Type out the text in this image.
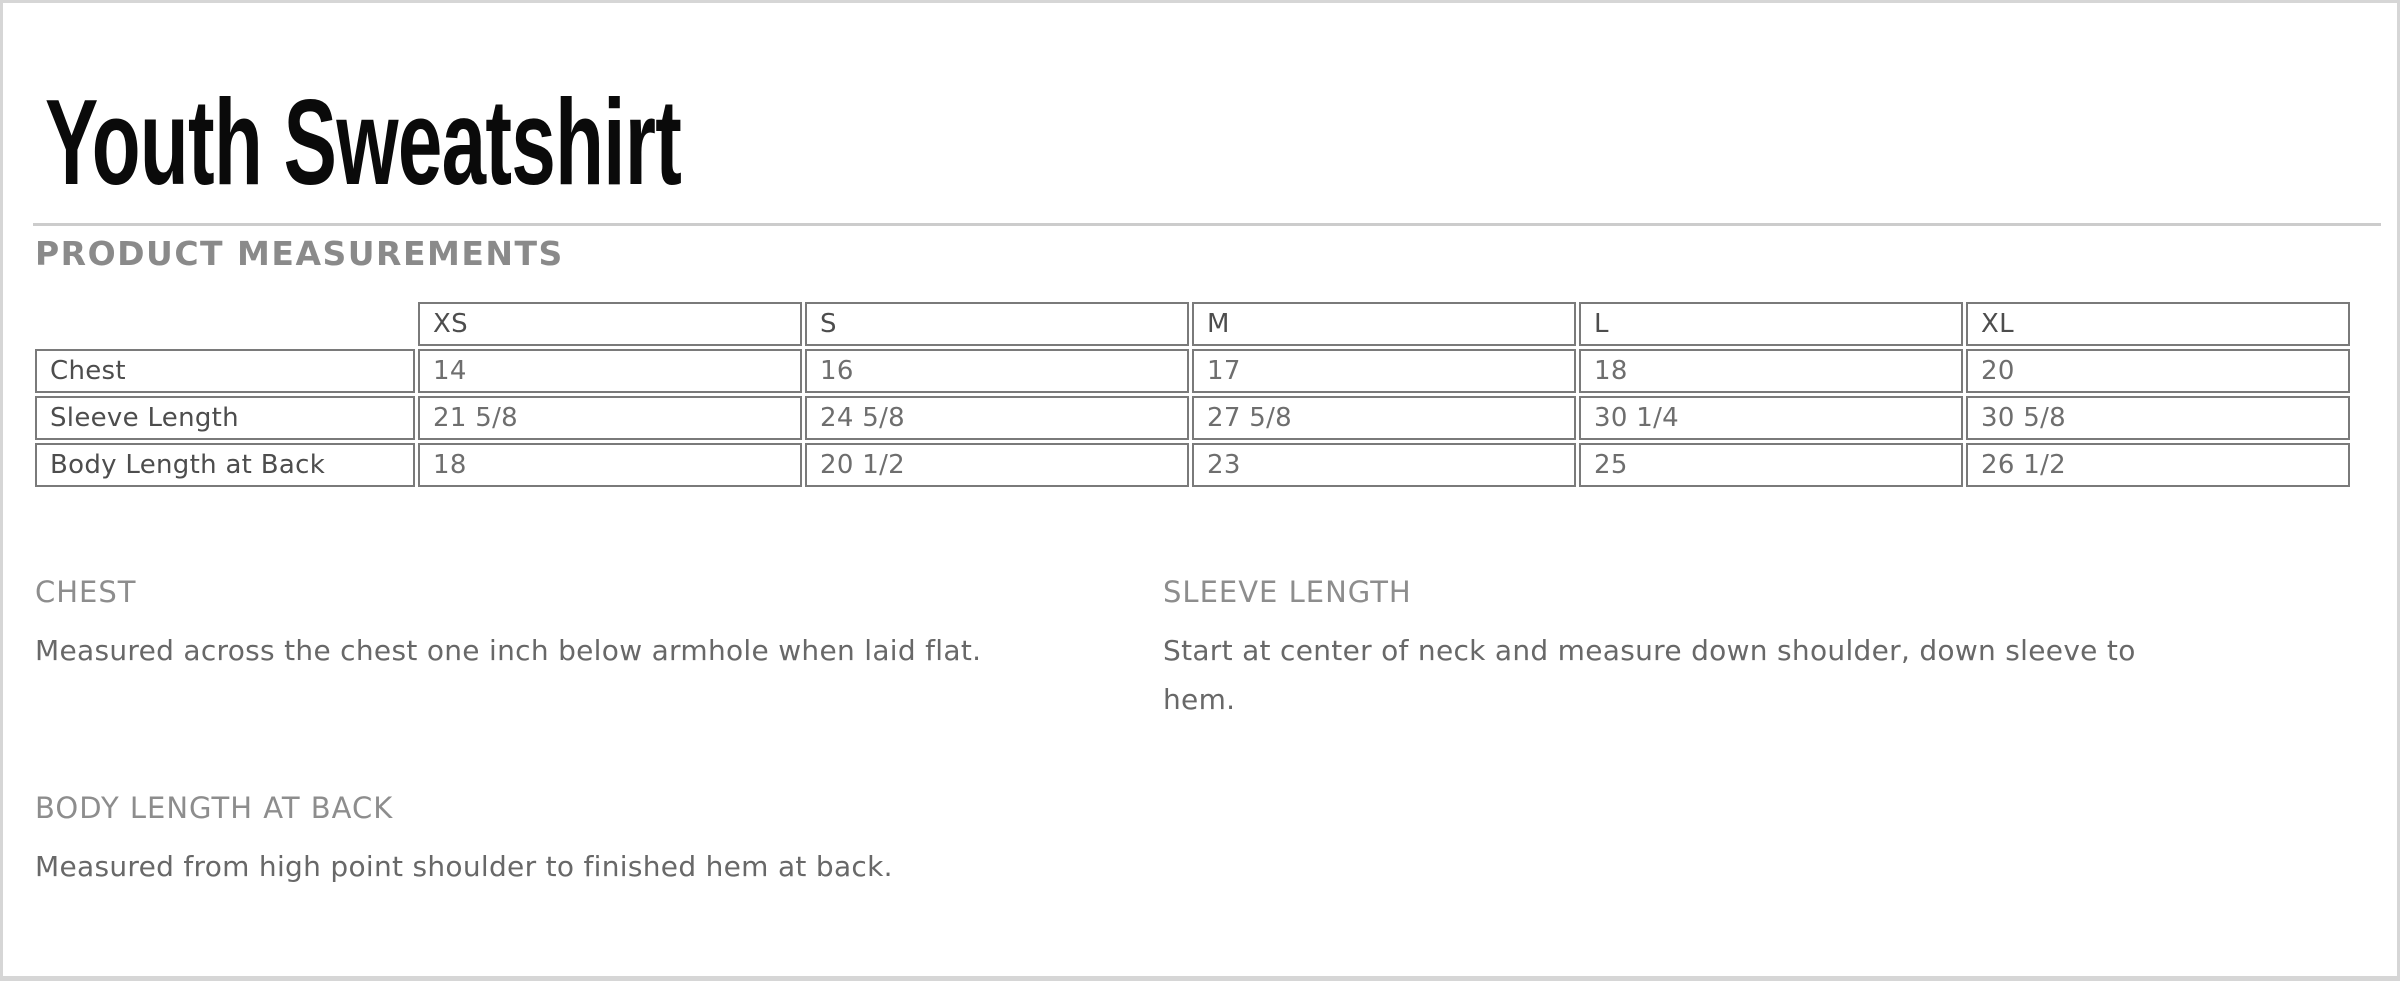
Youth Sweatshirt
PRODUCT MEASUREMENTS
	XS	S	M	L	XL
Chest	14	16	17	18	20
Sleeve Length	21 5/8	24 5/8	27 5/8	30 1/4	30 5/8
Body Length at Back	18	20 1/2	23	25	26 1/2
CHEST

Measured across the chest one inch below armhole when laid flat.

SLEEVE LENGTH

Start at center of neck and measure down shoulder, down sleeve to hem.

BODY LENGTH AT BACK

Measured from high point shoulder to finished hem at back.
